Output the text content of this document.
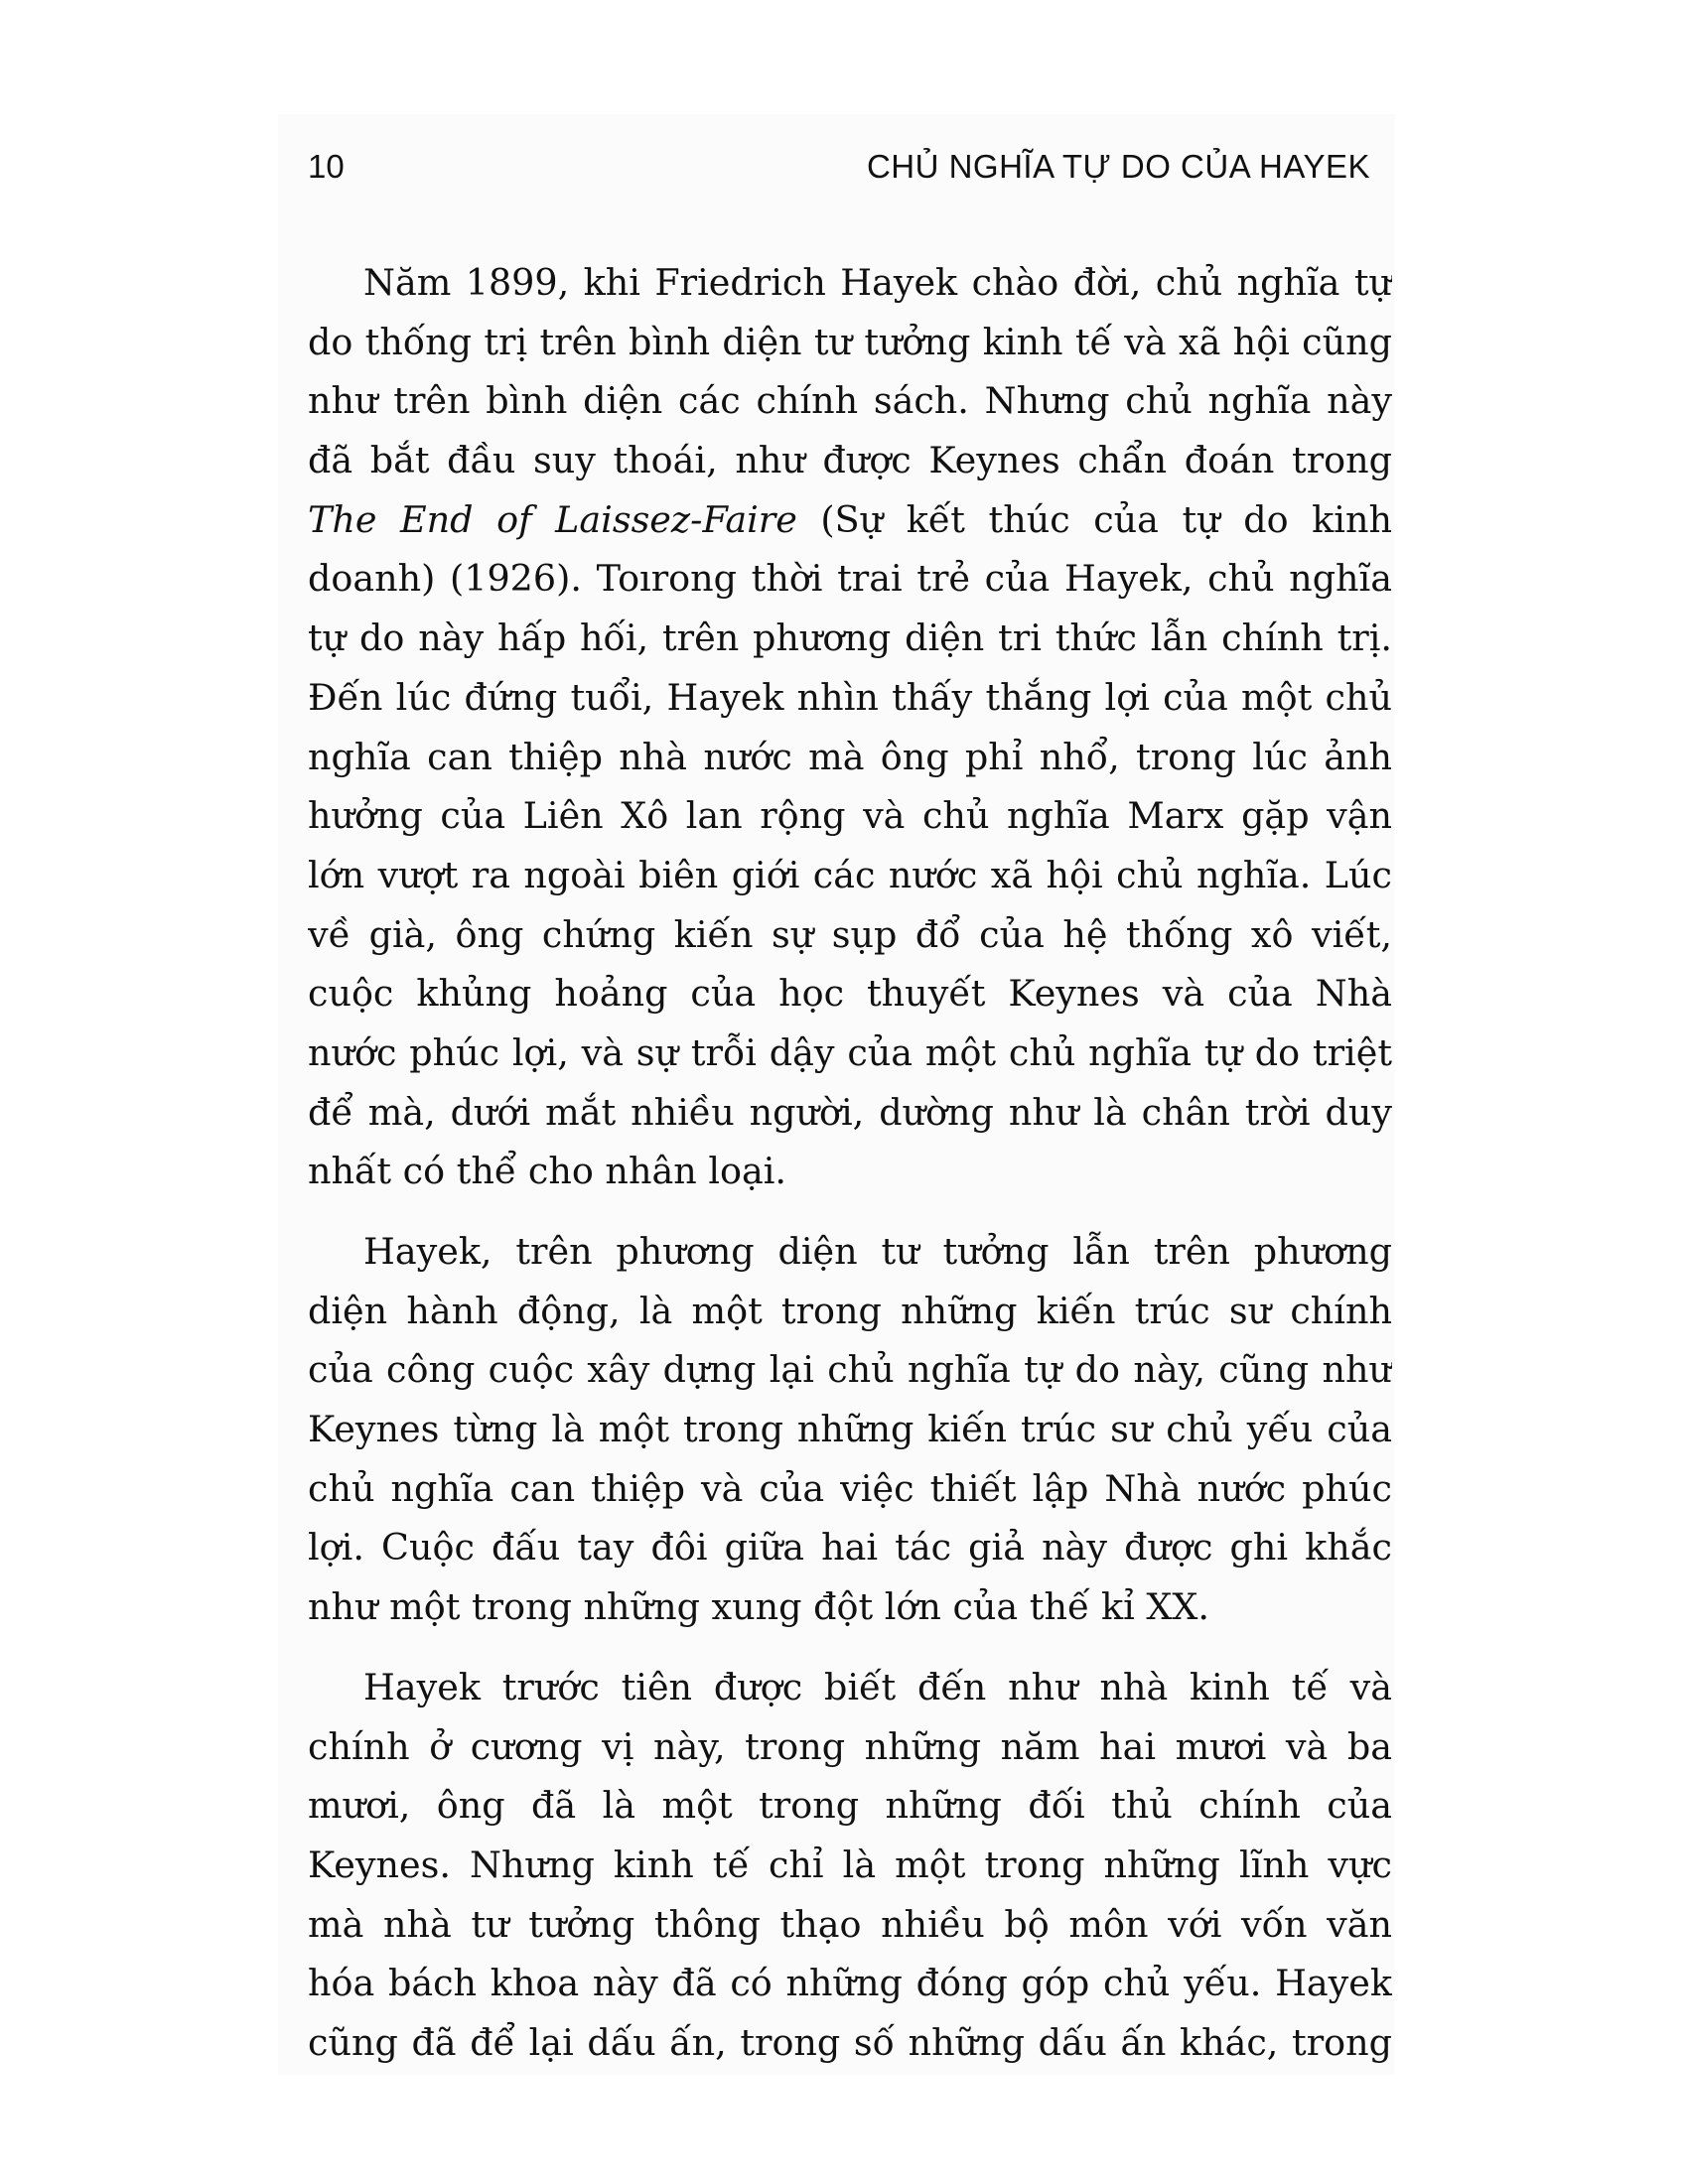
10	CHỦ NGHĨA TỰ DO CỦA HAYEK
Năm 1899, khi Friedrich Hayek chào đời, chủ nghĩa tự
do thống trị trên bình diện tư tưởng kinh tế và xã hội cũng
như trên bình diện các chính sách. Nhưng chủ nghĩa này
đã bắt đầu suy thoái, như được Keynes chẩn đoán trong
The End of Laissez-Faire (Sự kết thúc của tự do kinh
doanh) (1926). Toırong thời trai trẻ của Hayek, chủ nghĩa
tự do này hấp hối, trên phương diện tri thức lẫn chính trị.
Đến lúc đứng tuổi, Hayek nhìn thấy thắng lợi của một chủ
nghĩa can thiệp nhà nước mà ông phỉ nhổ, trong lúc ảnh
hưởng của Liên Xô lan rộng và chủ nghĩa Marx gặp vận
lớn vượt ra ngoài biên giới các nước xã hội chủ nghĩa. Lúc
về già, ông chứng kiến sự sụp đổ của hệ thống xô viết,
cuộc khủng hoảng của học thuyết Keynes và của Nhà
nước phúc lợi, và sự trỗi dậy của một chủ nghĩa tự do triệt
để mà, dưới mắt nhiều người, dường như là chân trời duy
nhất có thể cho nhân loại.
Hayek, trên phương diện tư tưởng lẫn trên phương
diện hành động, là một trong những kiến trúc sư chính
của công cuộc xây dựng lại chủ nghĩa tự do này, cũng như
Keynes từng là một trong những kiến trúc sư chủ yếu của
chủ nghĩa can thiệp và của việc thiết lập Nhà nước phúc
lợi. Cuộc đấu tay đôi giữa hai tác giả này được ghi khắc
như một trong những xung đột lớn của thế kỉ XX.
Hayek trước tiên được biết đến như nhà kinh tế và
chính ở cương vị này, trong những năm hai mươi và ba
mươi, ông đã là một trong những đối thủ chính của
Keynes. Nhưng kinh tế chỉ là một trong những lĩnh vực
mà nhà tư tưởng thông thạo nhiều bộ môn với vốn văn
hóa bách khoa này đã có những đóng góp chủ yếu. Hayek
cũng đã để lại dấu ấn, trong số những dấu ấn khác, trong
